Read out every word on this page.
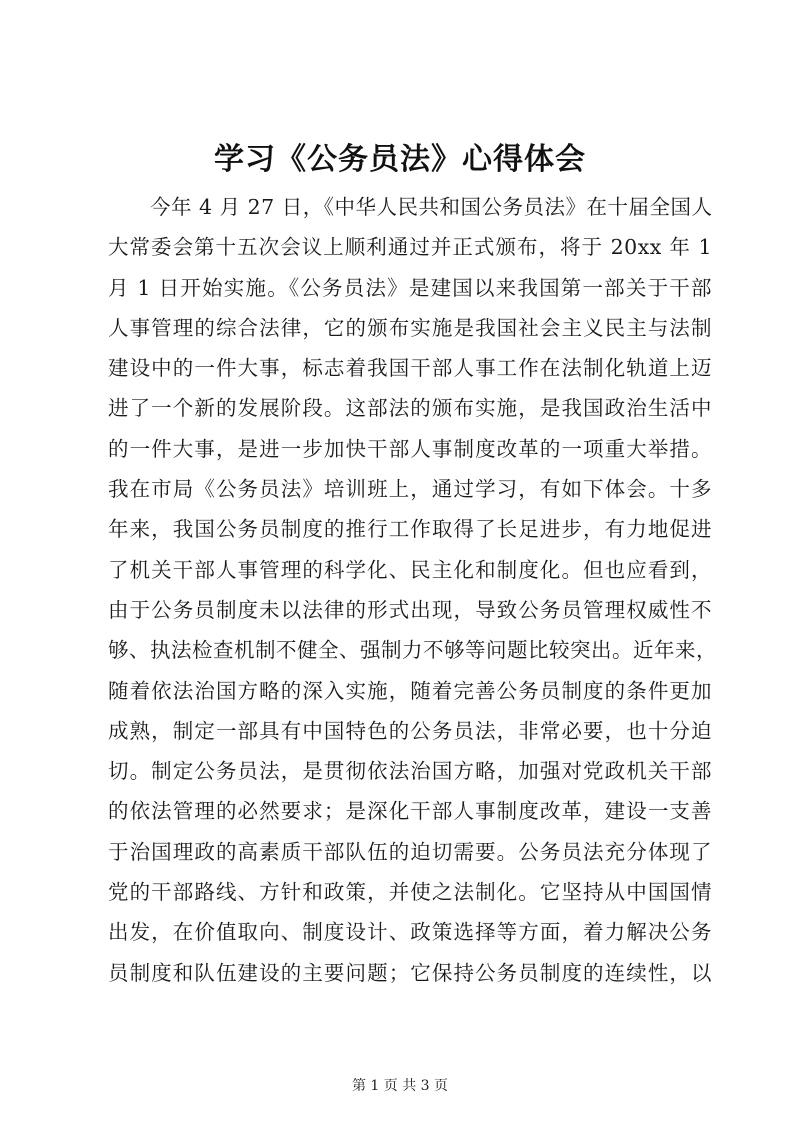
学习《公务员法》心得体会
　　今年 4 月 27 日，《中华人民共和国公务员法》在十届全国人
大常委会第十五次会议上顺利通过并正式颁布，将于 20xx 年 1
月 1 日开始实施。《公务员法》是建国以来我国第一部关于干部
人事管理的综合法律，它的颁布实施是我国社会主义民主与法制
建设中的一件大事，标志着我国干部人事工作在法制化轨道上迈
进了一个新的发展阶段。这部法的颁布实施，是我国政治生活中
的一件大事，是进一步加快干部人事制度改革的一项重大举措。
我在市局《公务员法》培训班上，通过学习，有如下体会。十多
年来，我国公务员制度的推行工作取得了长足进步，有力地促进
了机关干部人事管理的科学化、民主化和制度化。但也应看到，
由于公务员制度未以法律的形式出现，导致公务员管理权威性不
够、执法检查机制不健全、强制力不够等问题比较突出。近年来，
随着依法治国方略的深入实施，随着完善公务员制度的条件更加
成熟，制定一部具有中国特色的公务员法，非常必要，也十分迫
切。制定公务员法，是贯彻依法治国方略，加强对党政机关干部
的依法管理的必然要求；是深化干部人事制度改革，建设一支善
于治国理政的高素质干部队伍的迫切需要。公务员法充分体现了
党的干部路线、方针和政策，并使之法制化。它坚持从中国国情
出发，在价值取向、制度设计、政策选择等方面，着力解决公务
员制度和队伍建设的主要问题；它保持公务员制度的连续性，以
第 1 页 共 3 页
